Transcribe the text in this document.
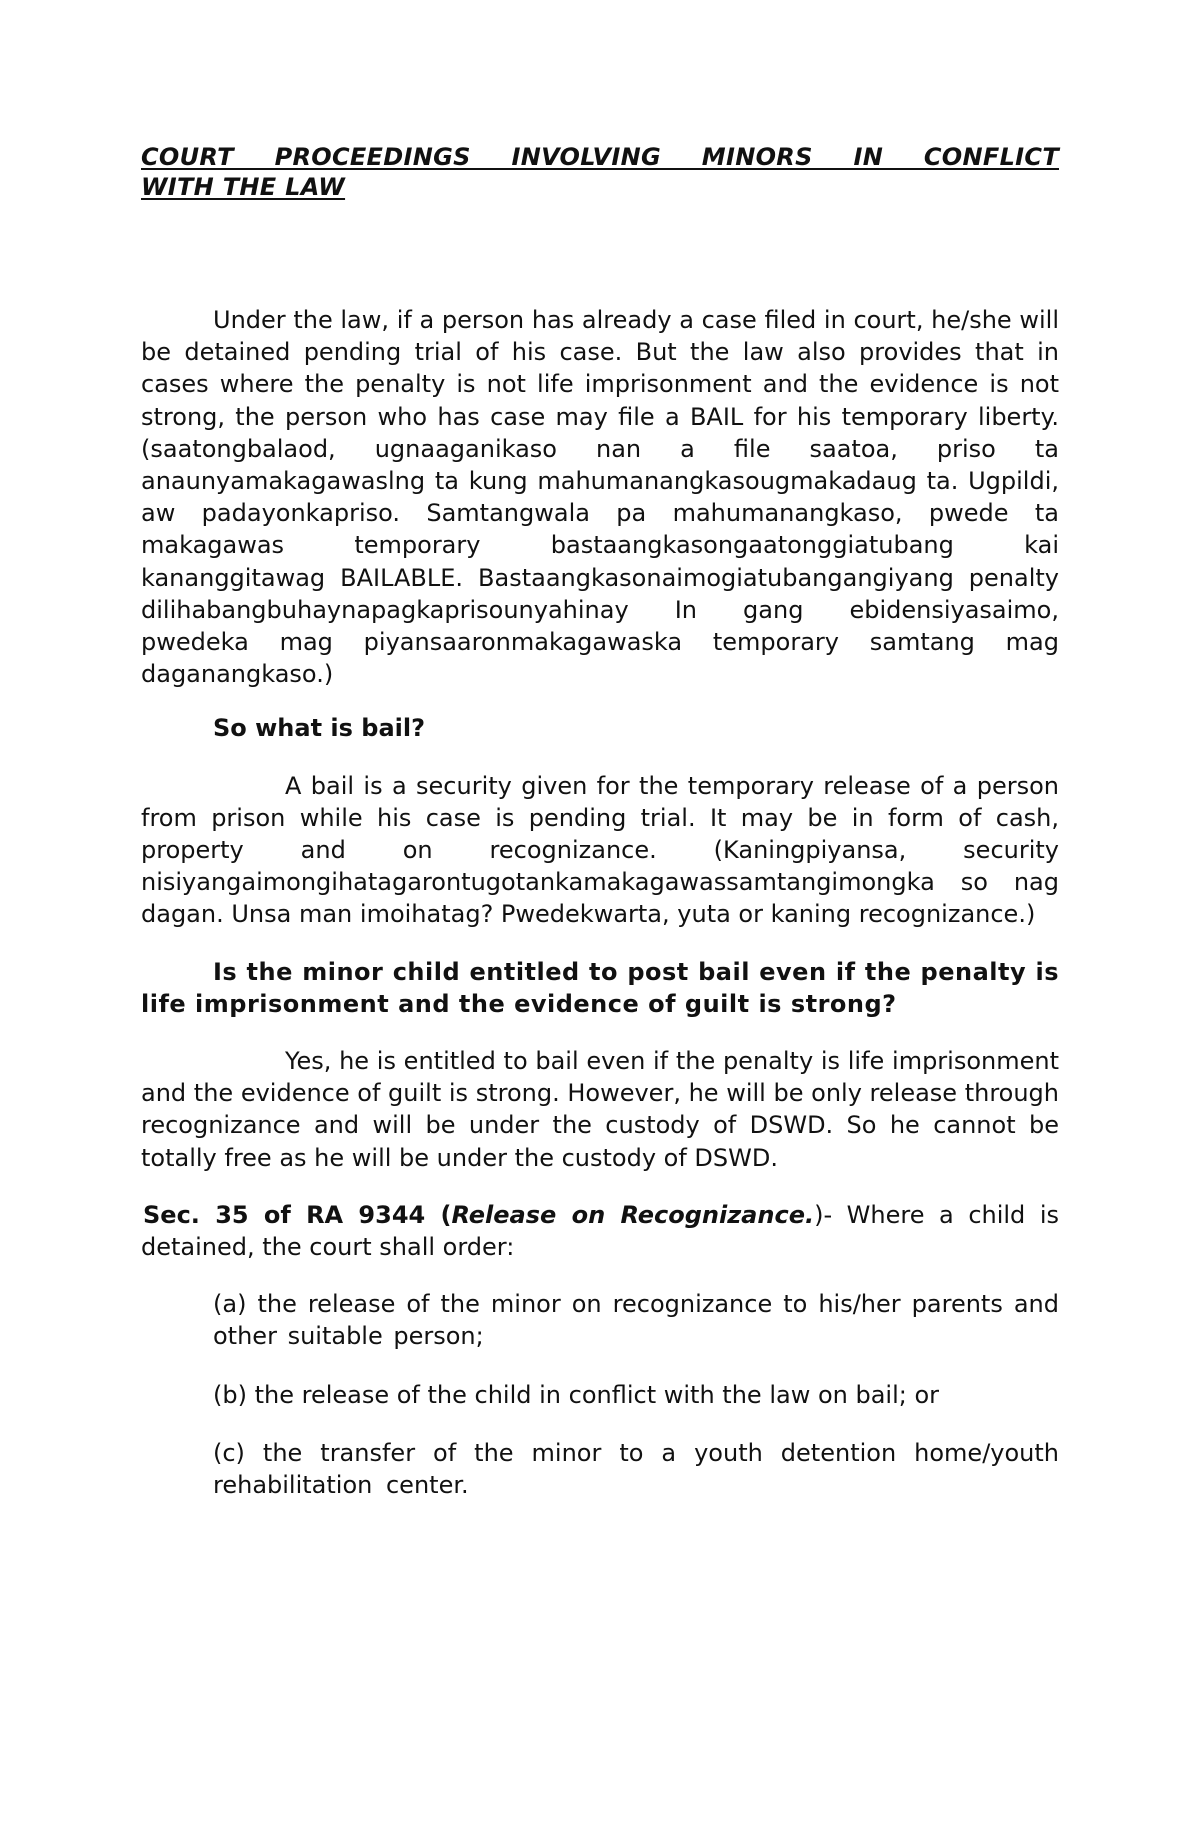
COURT PROCEEDINGS INVOLVING MINORS IN CONFLICT
WITH THE LAW

Under the law, if a person has already a case filed in court, he/she will be detained pending trial of his case. But the law also provides that in cases where the penalty is not life imprisonment and the evidence is not strong, the person who has case may file a BAIL for his temporary liberty.(saatongbalaod, ugnaaganikaso nan a file saatoa, priso ta anaunyamakagawaslng ta kung mahumanangkasougmakadaug ta. Ugpildi, aw padayonkapriso. Samtangwala pa mahumanangkaso, pwede ta makagawas temporary bastaangkasongaatonggiatubang kai kananggitawag BAILABLE. Bastaangkasonaimogiatubangangiyang penalty dilihabangbuhaynapagkaprisounyahinay In gang ebidensiyasaimo, pwedeka mag piyansaaronmakagawaska temporary samtang mag daganangkaso.)

So what is bail?

A bail is a security given for the temporary release of a person from prison while his case is pending trial. It may be in form of cash, property and on recognizance. (Kaningpiyansa, security nisiyangaimongihatagarontugotankamakagawassamtangimongka so nag dagan. Unsa man imoihatag? Pwedekwarta, yuta or kaning recognizance.)

Is the minor child entitled to post bail even if the penalty is life imprisonment and the evidence of guilt is strong?

Yes, he is entitled to bail even if the penalty is life imprisonment and the evidence of guilt is strong. However, he will be only release through recognizance and will be under the custody of DSWD. So he cannot be totally free as he will be under the custody of DSWD.

Sec. 35 of RA 9344 (Release on Recognizance.)- Where a child is detained, the court shall order:

(a) the release of the minor on recognizance to his/her parents and other suitable person;

(b) the release of the child in conflict with the law on bail; or

(c) the transfer of the minor to a youth detention home/youth rehabilitation center.
